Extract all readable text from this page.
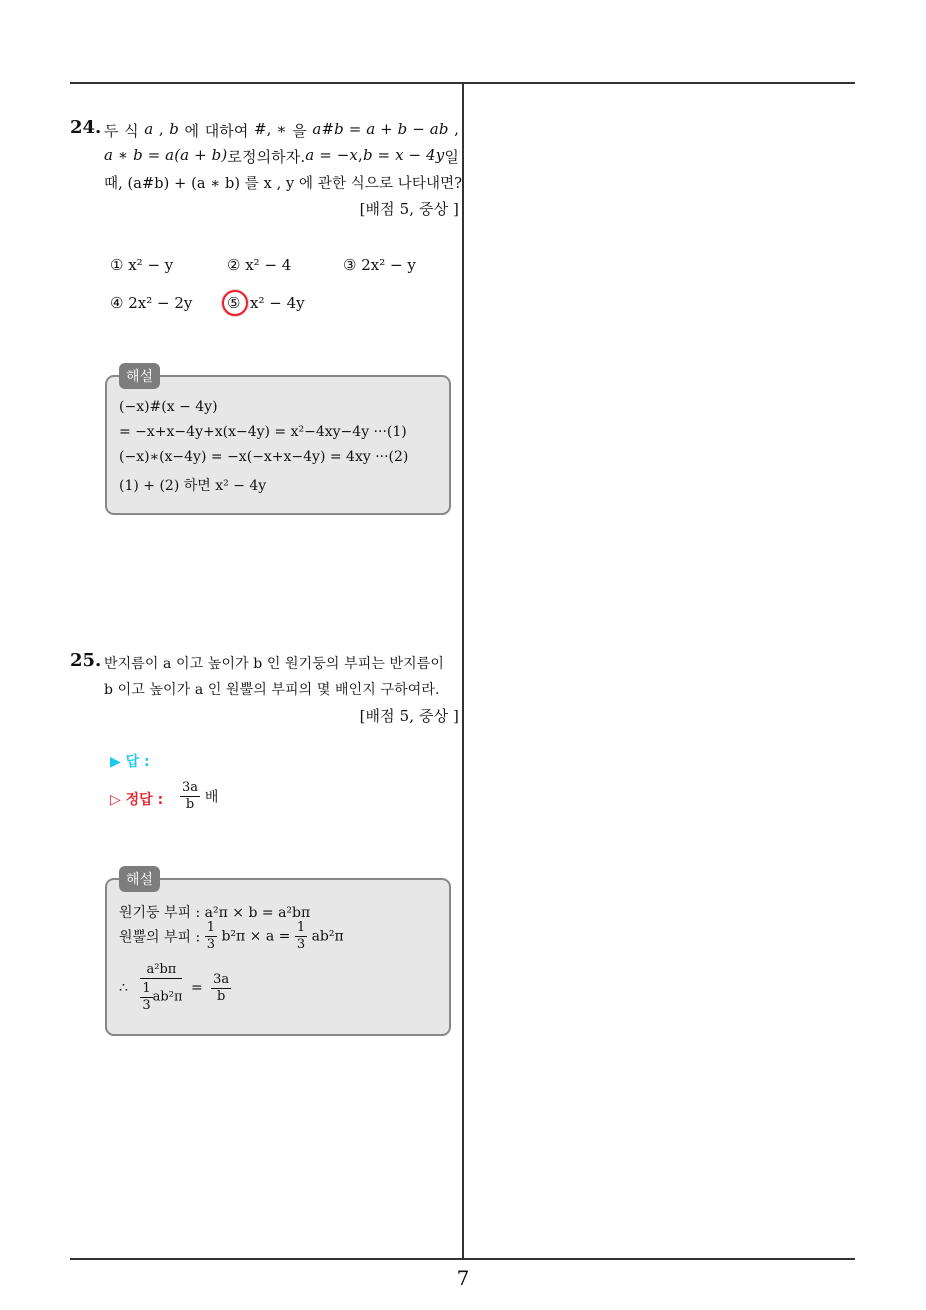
7
24. 두 식 a , b 에 대하여 #, ∗ 을 a#b = a + b − ab ,
a ∗ b = a(a + b) 로 정의하자. a = −x , b = x − 4y 일
때, (a#b) + (a ∗ b) 를 x , y 에 관한 식으로 나타내면?
[배점 5, 중상 ]
① x² − y	② x² − 4	③ 2x² − y
④ 2x² − 2y ⑤ x² − 4y
해설
(−x)#(x − 4y)
= −x+x−4y+x(x−4y) = x²−4xy−4y ···(1)
(−x)∗(x−4y) = −x(−x+x−4y) = 4xy ···(2)
(1) + (2) 하면 x² − 4y
25. 반지름이 a 이고 높이가 b 인 원기둥의 부피는 반지름이
b 이고 높이가 a 인 원뿔의 부피의 몇 배인지 구하여라.
[배점 5, 중상 ]
▶ 답 :
▷ 정답 : $\frac{3a}{b}$ 배
해설
원기둥 부피 : a²π × b = a²bπ
원뿔의 부피 : $\frac{1}{3} b^2\pi \times a = \frac{1}{3} ab^2\pi$
∴ $\frac{\text{a²bπ}}{\frac{1}{3} ab^2\pi} = \frac{3a}{b}$
